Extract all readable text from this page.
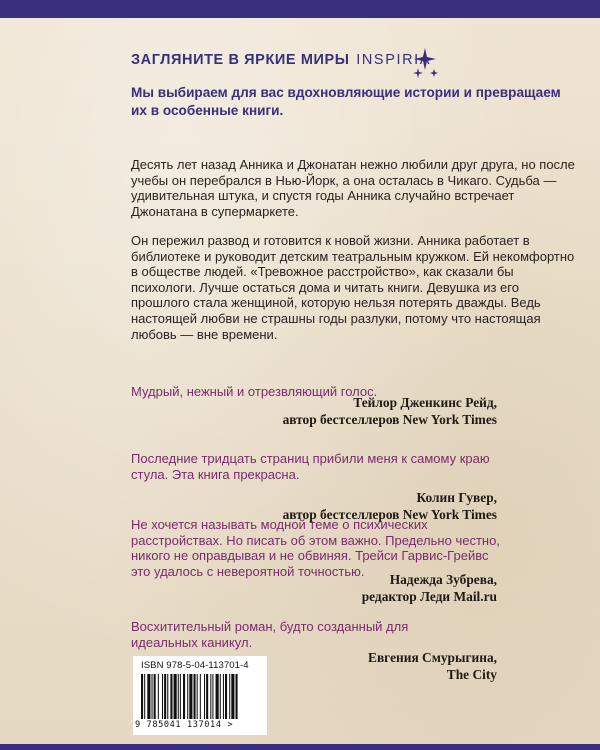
ЗАГЛЯНИТЕ В ЯРКИЕ МИРЫ INSPIRIA

Мы выбираем для вас вдохновляющие истории и превращаем их в особенные книги.

Десять лет назад Анника и Джонатан нежно любили друг друга, но после учебы он перебрался в Нью-Йорк, а она осталась в Чикаго. Судьба — удивительная штука, и спустя годы Анника случайно встречает Джонатана в супермаркете.

Он пережил развод и готовится к новой жизни. Анника работает в библиотеке и руководит детским театральным кружком. Ей некомфортно в обществе людей. «Тревожное расстройство», как сказали бы психологи. Лучше остаться дома и читать книги. Девушка из его прошлого стала женщиной, которую нельзя потерять дважды. Ведь настоящей любви не страшны годы разлуки, потому что настоящая любовь — вне времени.

Мудрый, нежный и отрезвляющий голос.

Тейлор Дженкинс Рейд,
автор бестселлеров New York Times

Последние тридцать страниц прибили меня к самому краю стула. Эта книга прекрасна.

Колин Гувер,
автор бестселлеров New York Times

Не хочется называть модной теме о психических расстройствах. Но писать об этом важно. Предельно честно, никого не оправдывая и не обвиняя. Трейси Гарвис-Грейвс это удалось с невероятной точностью.

Надежда Зубрева,
редактор Леди Mail.ru

Восхитительный роман, будто созданный для идеальных каникул.

Евгения Смурыгина,
The City

ISBN 978-5-04-113701-4

9 785041 137014 >
